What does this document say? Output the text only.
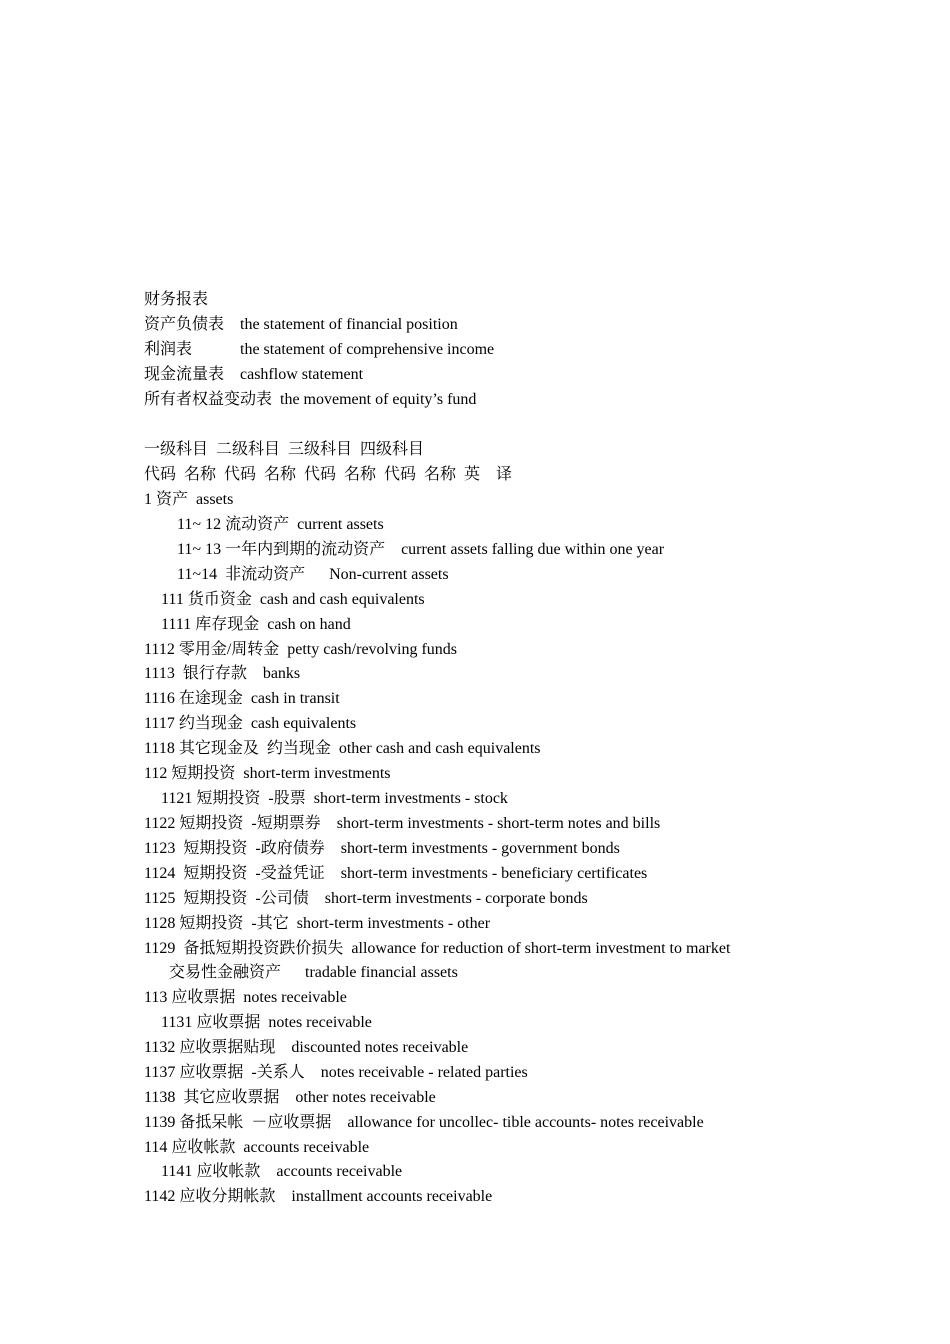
财务报表
资产负债表    the statement of financial position
利润表            the statement of comprehensive income
现金流量表    cashflow statement
所有者权益变动表  the movement of equity’s fund
一级科目  二级科目  三级科目  四级科目
代码  名称  代码  名称  代码  名称  代码  名称  英    译
1 资产  assets
11~ 12 流动资产  current assets
11~ 13 一年内到期的流动资产    current assets falling due within one year
11~14  非流动资产      Non-current assets
111 货币资金  cash and cash equivalents
1111 库存现金  cash on hand
1112 零用金/周转金  petty cash/revolving funds
1113  银行存款    banks
1116 在途现金  cash in transit
1117 约当现金  cash equivalents
1118 其它现金及  约当现金  other cash and cash equivalents
112 短期投资  short-term investments
1121 短期投资  -股票  short-term investments - stock
1122 短期投资  -短期票券    short-term investments - short-term notes and bills
1123  短期投资  -政府债券    short-term investments - government bonds
1124  短期投资  -受益凭证    short-term investments - beneficiary certificates
1125  短期投资  -公司债    short-term investments - corporate bonds
1128 短期投资  -其它  short-term investments - other
1129  备抵短期投资跌价损失  allowance for reduction of short-term investment to market
交易性金融资产      tradable financial assets
113 应收票据  notes receivable
1131 应收票据  notes receivable
1132 应收票据贴现    discounted notes receivable
1137 应收票据  -关系人    notes receivable - related parties
1138  其它应收票据    other notes receivable
1139 备抵呆帐  －应收票据    allowance for uncollec- tible accounts- notes receivable
114 应收帐款  accounts receivable
1141 应收帐款    accounts receivable
1142 应收分期帐款    installment accounts receivable
